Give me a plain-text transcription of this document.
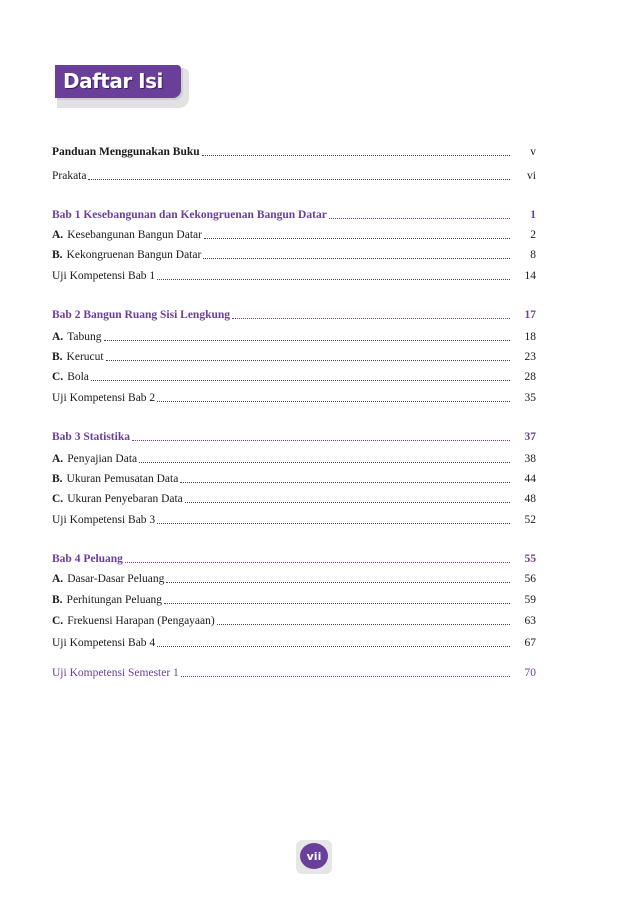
Daftar Isi
Panduan Menggunakan Buku	v
Prakata	vi
Bab 1 Kesebangunan dan Kekongruenan Bangun Datar	1
A. Kesebangunan Bangun Datar	2
B. Kekongruenan Bangun Datar	8
Uji Kompetensi Bab 1	14
Bab 2 Bangun Ruang Sisi Lengkung	17
A. Tabung	18
B. Kerucut	23
C. Bola	28
Uji Kompetensi Bab 2	35
Bab 3 Statistika	37
A. Penyajian Data	38
B. Ukuran Pemusatan Data	44
C. Ukuran Penyebaran Data	48
Uji Kompetensi Bab 3	52
Bab 4 Peluang	55
A. Dasar-Dasar Peluang	56
B. Perhitungan Peluang	59
C. Frekuensi Harapan (Pengayaan)	63
Uji Kompetensi Bab 4	67
Uji Kompetensi Semester 1	70
vii
